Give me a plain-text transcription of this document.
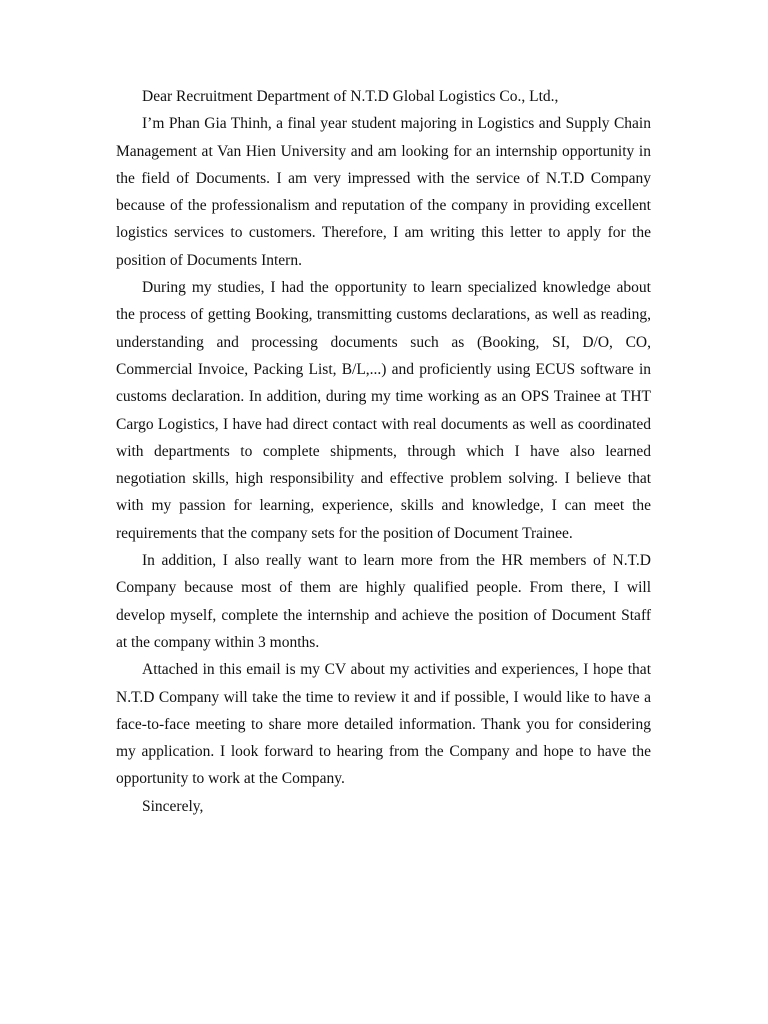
Dear Recruitment Department of N.T.D Global Logistics Co., Ltd.,

I’m Phan Gia Thinh, a final year student majoring in Logistics and Supply Chain Management at Van Hien University and am looking for an internship opportunity in the field of Documents. I am very impressed with the service of N.T.D Company because of the professionalism and reputation of the company in providing excellent logistics services to customers. Therefore, I am writing this letter to apply for the position of Documents Intern.

During my studies, I had the opportunity to learn specialized knowledge about the process of getting Booking, transmitting customs declarations, as well as reading, understanding and processing documents such as (Booking, SI, D/O, CO, Commercial Invoice, Packing List, B/L,...) and proficiently using ECUS software in customs declaration. In addition, during my time working as an OPS Trainee at THT Cargo Logistics, I have had direct contact with real documents as well as coordinated with departments to complete shipments, through which I have also learned negotiation skills, high responsibility and effective problem solving. I believe that with my passion for learning, experience, skills and knowledge, I can meet the requirements that the company sets for the position of Document Trainee.

In addition, I also really want to learn more from the HR members of N.T.D Company because most of them are highly qualified people. From there, I will develop myself, complete the internship and achieve the position of Document Staff at the company within 3 months.

Attached in this email is my CV about my activities and experiences, I hope that N.T.D Company will take the time to review it and if possible, I would like to have a face-to-face meeting to share more detailed information. Thank you for considering my application. I look forward to hearing from the Company and hope to have the opportunity to work at the Company.

Sincerely,
